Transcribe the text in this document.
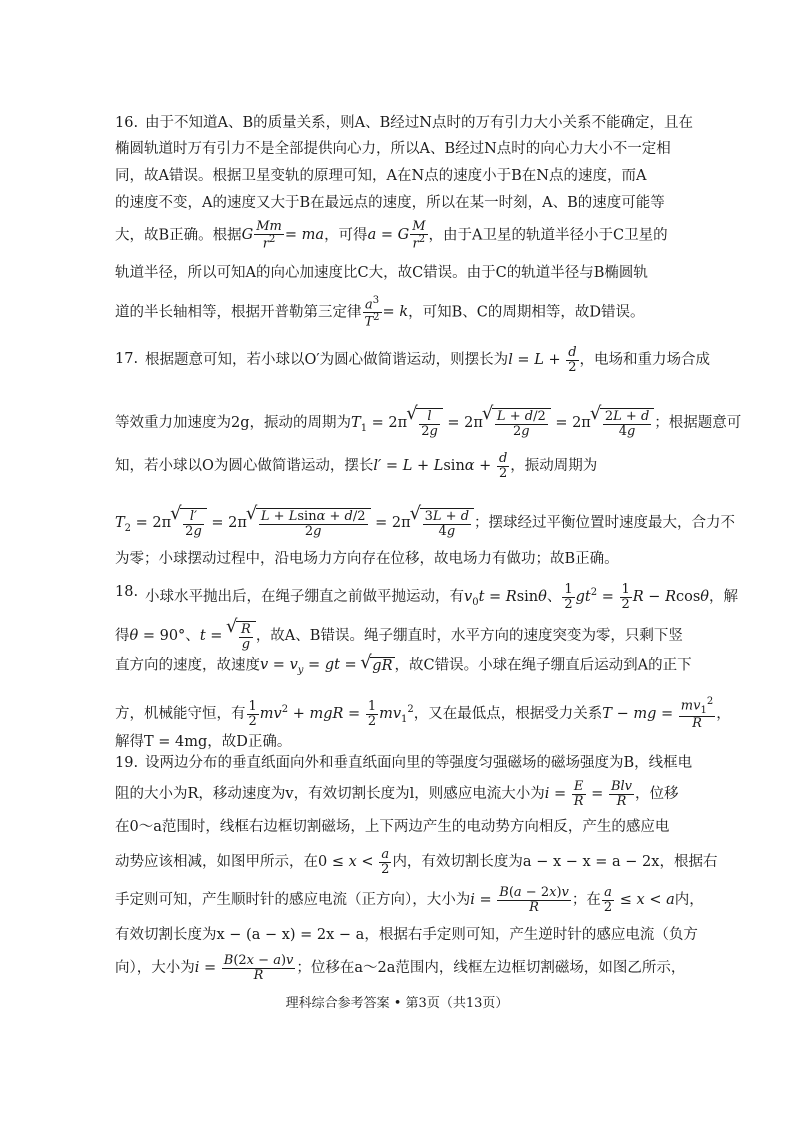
16. 由于不知道A、B的质量关系，则A、B经过N点时的万有引力大小关系不能确定，且在
椭圆轨道时万有引力不是全部提供向心力，所以A、B经过N点时的向心力大小不一定相
同，故A错误。根据卫星变轨的原理可知，A在N点的速度小于B在N点的速度，而A
的速度不变，A的速度又大于B在最远点的速度，所以在某一时刻，A、B的速度可能等
大，故B正确。根据G $\frac{Mm}{r^2}$ = ma，可得a = G $\frac{M}{r^2}$ ，由于A卫星的轨道半径小于C卫星的
轨道半径，所以可知A的向心加速度比C大，故C错误。由于C的轨道半径与B椭圆轨
道的半长轴相等，根据开普勒第三定律 $\frac{a^3}{T^2} = k$，可知B、C的周期相等，故D错误。
17. 根据题意可知，若小球以O′为圆心做简谐运动，则摆长为$l = L + \frac{d}{2}$ ，电场和重力场合成
等效重力加速度为2g，振动的周期为$T_1 = 2\pi$ √ $\frac{l}{2g} = 2\pi$ √ $\frac{L + d/2}{2g} = 2\pi$ √ $\frac{2L + d}{4g}$ ；根据题意可
知，若小球以O为圆心做简谐运动，摆长$l' = L + Lsin\alpha + \frac{d}{2}$ ，振动周期为
$T_2 = 2\pi$ √ $\frac{l'}{2g} = 2\pi$ √ $\frac{L + Lsin\alpha + d/2}{2g} = 2\pi$ √ $\frac{3L + d}{4g}$ ；摆球经过平衡位置时速度最大，合力不
为零；小球摆动过程中，沿电场力方向存在位移，故电场力有做功；故B正确。
18. 小球水平抛出后，在绳子绷直之前做平抛运动，有$v_0t = Rsin\theta$、 $\frac{1}{2} gt^2 = \frac{1}{2}$ R − Rcosθ，解
得θ = 90°、t = √ $\frac{R}{g}$ ，故A、B错误。绳子绷直时，水平方向的速度突变为零，只剩下竖
直方向的速度，故速度$v = v_y$ = gt = √ gR ，故C错误。小球在绳子绷直后运动到A的正下
方，机械能守恒，有 $\frac{1}{2} mv^2$ + mgR = $\frac{1}{2} mv_1^2$，又在最低点，根据受力关系T − mg = $\frac{mv_1^2}{R}$ ，
解得T = 4mg，故D正确。
19. 设两边分布的垂直纸面向外和垂直纸面向里的等强度匀强磁场的磁场强度为B，线框电
阻的大小为R，移动速度为v，有效切割长度为l，则感应电流大小为$i = \frac{E}{R} = \frac{\text{Blv}}{R}$ ，位移
在0～a范围时，线框右边框切割磁场，上下两边产生的电动势方向相反，产生的感应电
动势应该相减，如图甲所示，在$0 \le x < \frac{a}{2}$ 内，有效切割长度为a − x − x = a − 2x，根据右
手定则可知，产生顺时针的感应电流（正方向），大小为$i = \frac{B(a - 2x)v}{R}$ ；在 $\frac{a}{2} \le x < a$内，
有效切割长度为x − (a − x) = 2x − a，根据右手定则可知，产生逆时针的感应电流（负方
向），大小为$i = \frac{B(2x - a)v}{R}$ ；位移在a～2a范围内，线框左边框切割磁场，如图乙所示，
理科综合参考答案 • 第3页（共13页）
